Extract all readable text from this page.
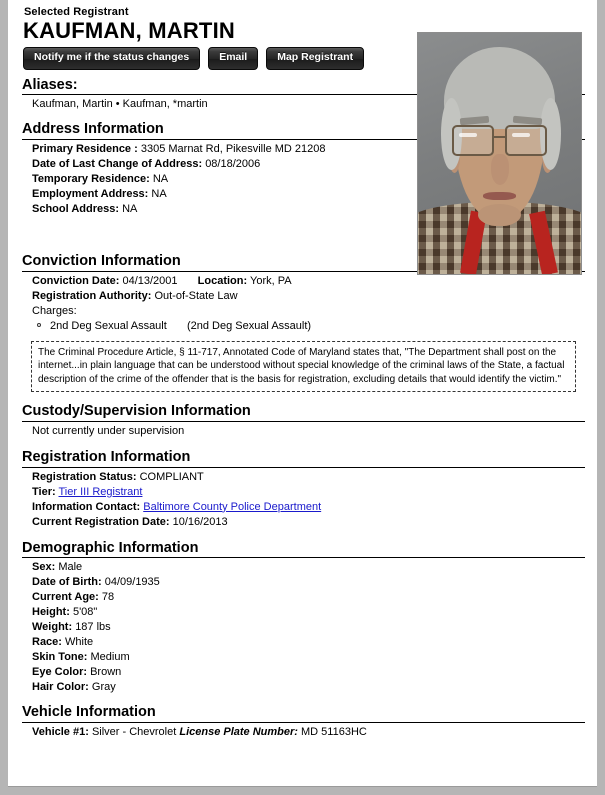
Selected Registrant
KAUFMAN, MARTIN
Notify me if the status changes	Email	Map Registrant
Aliases:
Kaufman, Martin • Kaufman, *martin
Address Information
Primary Residence : 3305 Marnat Rd, Pikesville MD 21208
Date of Last Change of Address: 08/18/2006
Temporary Residence: NA
Employment Address: NA
School Address: NA
Conviction Information
Conviction Date: 04/13/2001 Location: York, PA
Registration Authority: Out-of-State Law
Charges:
2nd Deg Sexual Assault (2nd Deg Sexual Assault)
The Criminal Procedure Article, § 11-717, Annotated Code of Maryland states that, "The Department shall post on the internet...in plain language that can be understood without special knowledge of the criminal laws of the State, a factual description of the crime of the offender that is the basis for registration, excluding details that would identify the victim."
Custody/Supervision Information
Not currently under supervision
Registration Information
Registration Status: COMPLIANT
Tier: Tier III Registrant
Information Contact: Baltimore County Police Department
Current Registration Date: 10/16/2013
Demographic Information
Sex: Male
Date of Birth: 04/09/1935
Current Age: 78
Height: 5'08"
Weight: 187 lbs
Race: White
Skin Tone: Medium
Eye Color: Brown
Hair Color: Gray
Vehicle Information
Vehicle #1: Silver - Chevrolet License Plate Number: MD 51163HC
